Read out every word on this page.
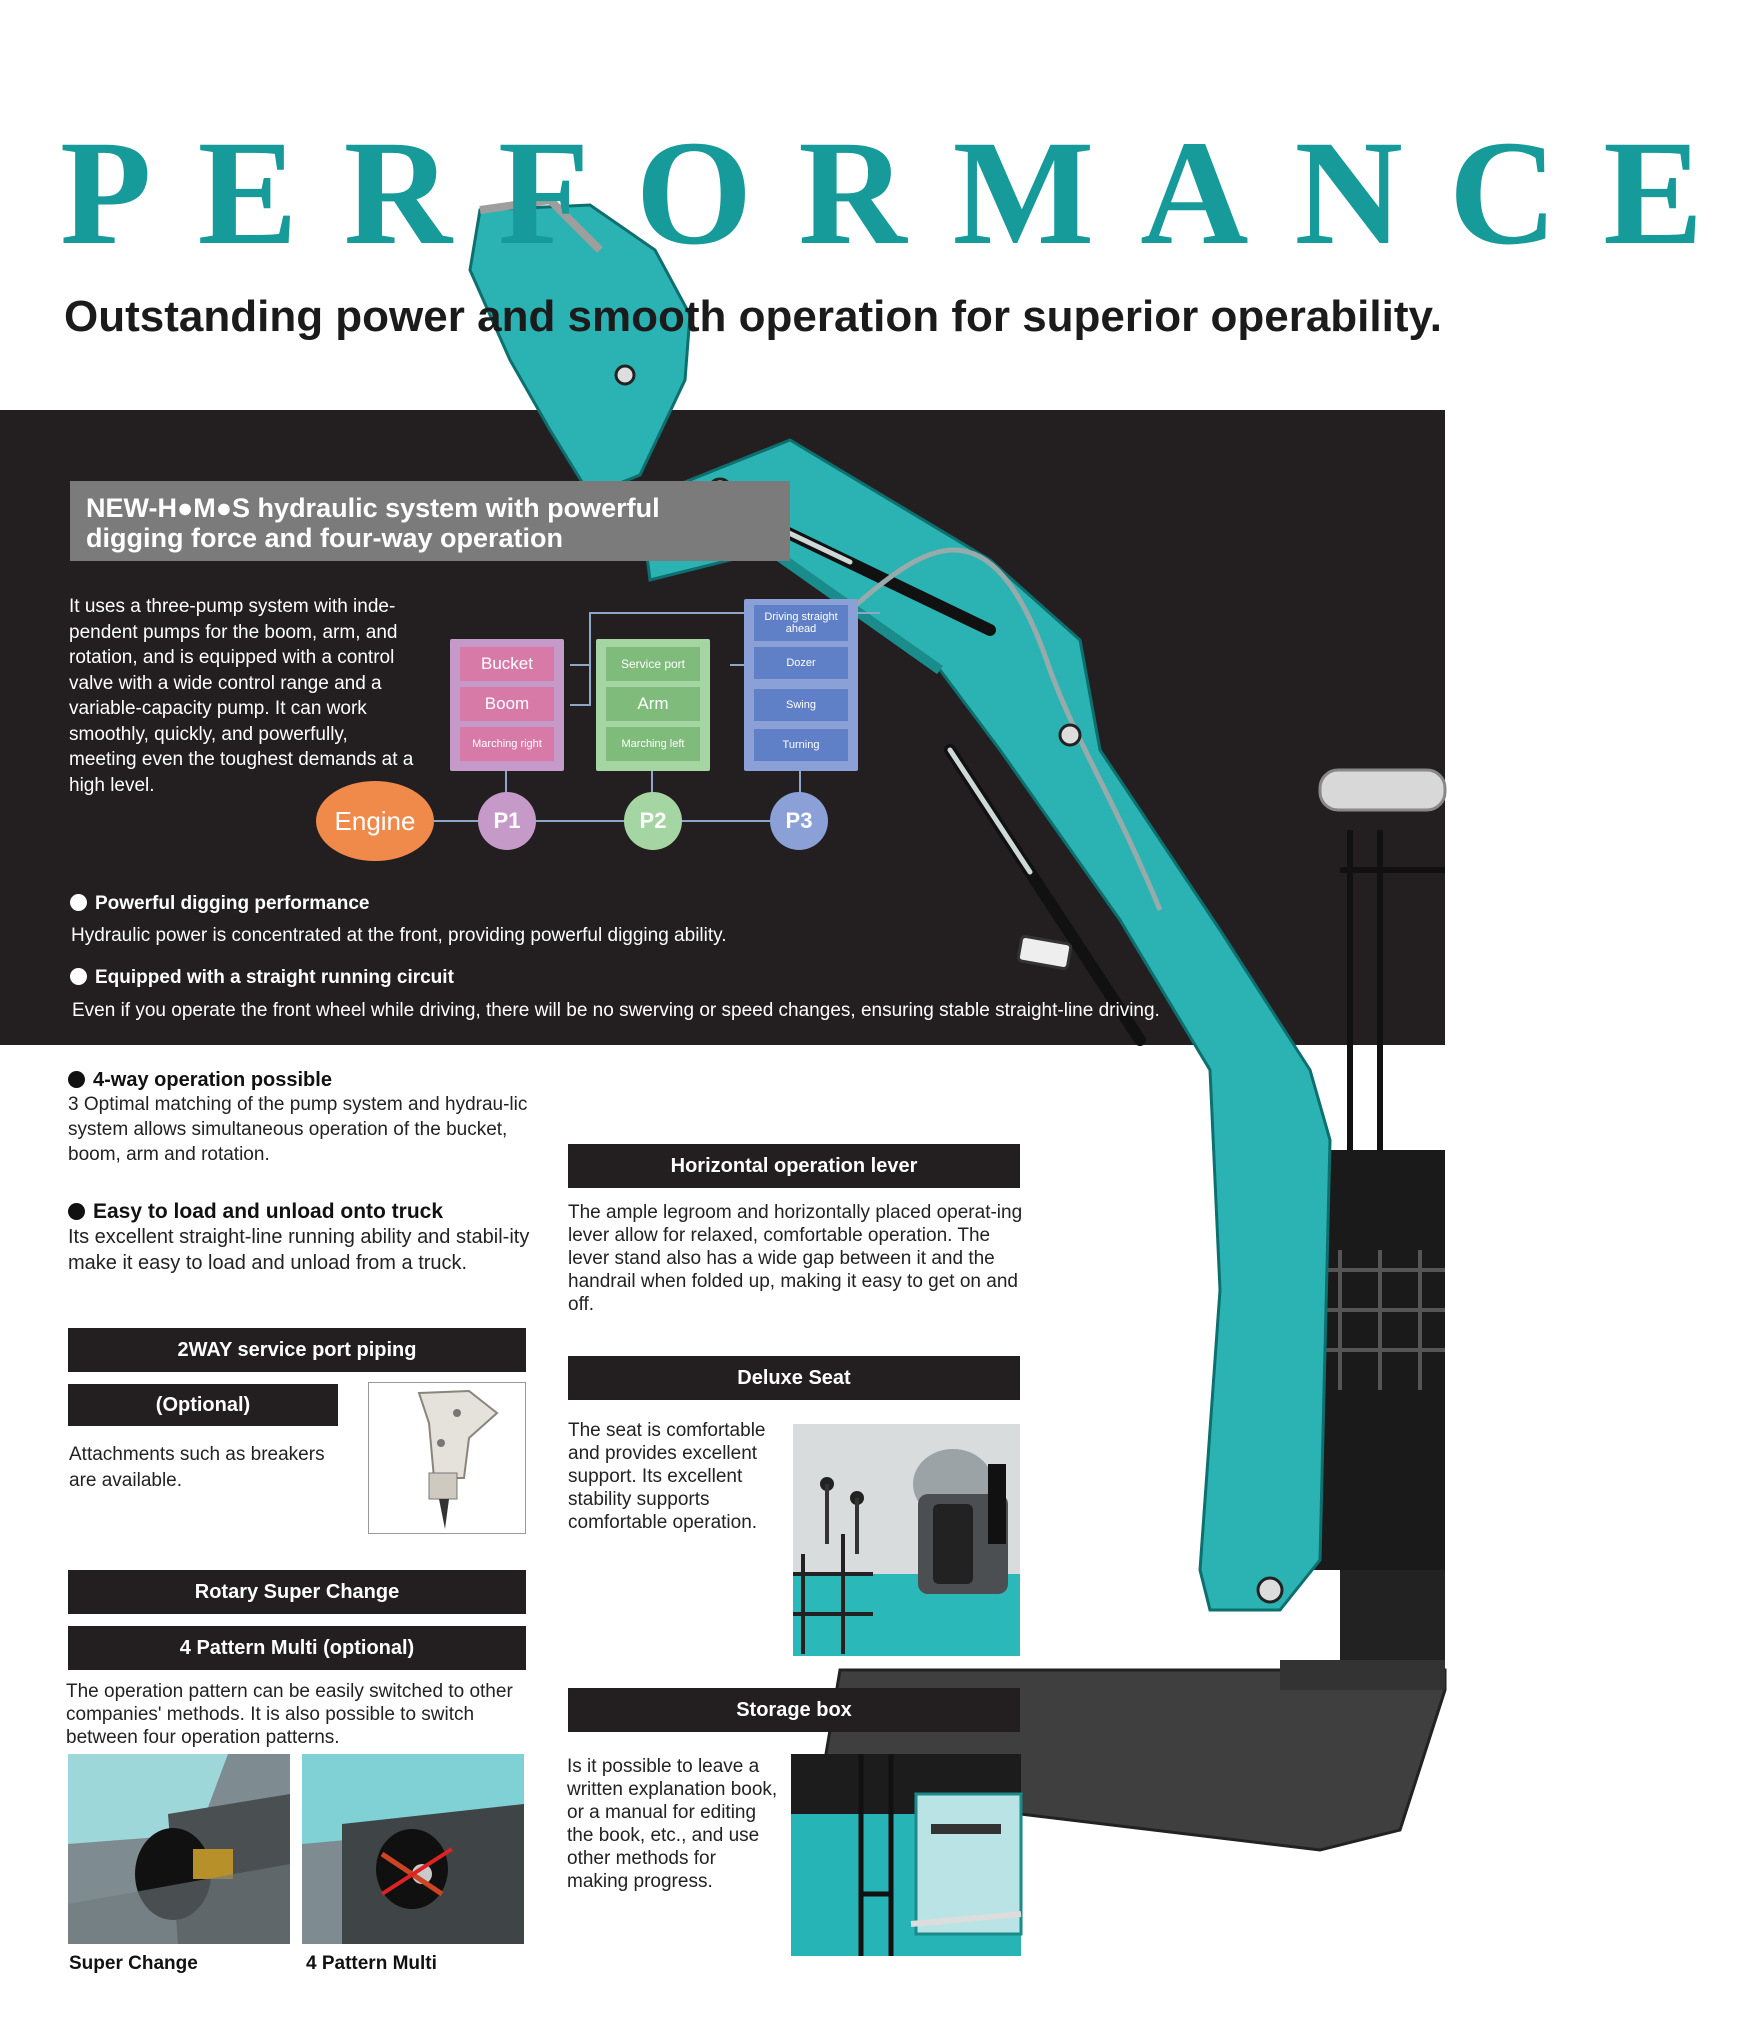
PERFORMANCE
Outstanding power and smooth operation for superior operability.
NEW-H●M●S hydraulic system with powerful
digging force and four-way operation
It uses a three-pump system with inde-pendent pumps for the boom, arm, and rotation, and is equipped with a control valve with a wide control range and a variable-capacity pump. It can work smoothly, quickly, and powerfully, meeting even the toughest demands at a high level.
Bucket
Boom
Marching right
Service port
Arm
Marching left
Driving straight ahead
Dozer
Swing
Turning
Engine	P1	P2	P3
Powerful digging performance
Hydraulic power is concentrated at the front, providing powerful digging ability.
Equipped with a straight running circuit
Even if you operate the front wheel while driving, there will be no swerving or speed changes, ensuring stable straight-line driving.
4-way operation possible
3 Optimal matching of the pump system and hydrau-lic system allows simultaneous operation of the bucket, boom, arm and rotation.
Easy to load and unload onto truck
Its excellent straight-line running ability and stabil-ity make it easy to load and unload from a truck.
2WAY service port piping
(Optional)
Attachments such as breakers are available.
Rotary Super Change
4 Pattern Multi (optional)
The operation pattern can be easily switched to other companies' methods. It is also possible to switch between four operation patterns.
Super Change	4 Pattern Multi
Horizontal operation lever
The ample legroom and horizontally placed operat-ing lever allow for relaxed, comfortable operation. The lever stand also has a wide gap between it and the handrail when folded up, making it easy to get on and off.
Deluxe Seat
The seat is comfortable and provides excellent support. Its excellent stability supports comfortable operation.
Storage box
Is it possible to leave a written explanation book, or a manual for editing the book, etc., and use other methods for making progress.
